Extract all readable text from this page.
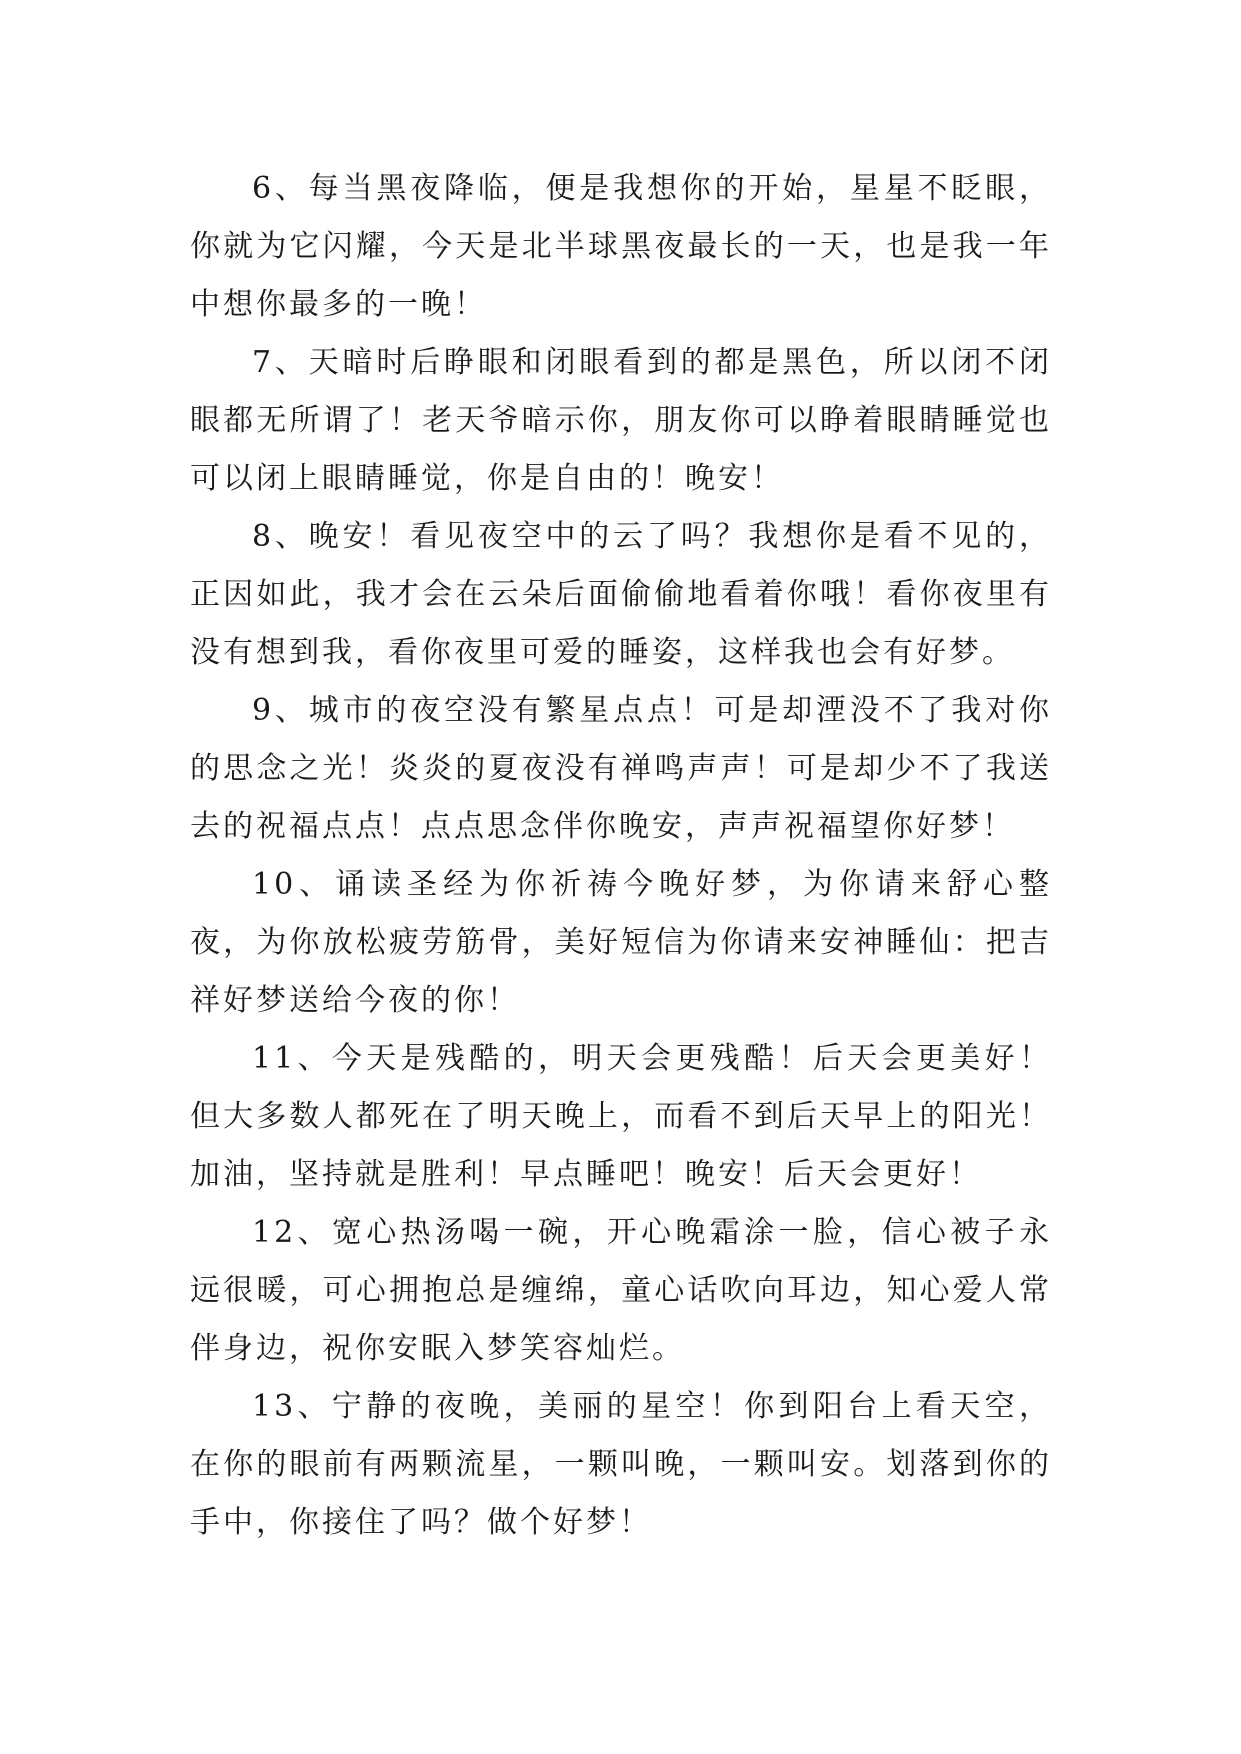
6、每当黑夜降临，便是我想你的开始，星星不眨眼，你就为它闪耀，今天是北半球黑夜最长的一天，也是我一年中想你最多的一晚！

7、天暗时后睁眼和闭眼看到的都是黑色，所以闭不闭眼都无所谓了！老天爷暗示你，朋友你可以睁着眼睛睡觉也可以闭上眼睛睡觉，你是自由的！晚安！

8、晚安！看见夜空中的云了吗？我想你是看不见的，正因如此，我才会在云朵后面偷偷地看着你哦！看你夜里有没有想到我，看你夜里可爱的睡姿，这样我也会有好梦。

9、城市的夜空没有繁星点点！可是却湮没不了我对你的思念之光！炎炎的夏夜没有禅鸣声声！可是却少不了我送去的祝福点点！点点思念伴你晚安，声声祝福望你好梦！

10、诵读圣经为你祈祷今晚好梦，为你请来舒心整夜，为你放松疲劳筋骨，美好短信为你请来安神睡仙：把吉祥好梦送给今夜的你！

11、今天是残酷的，明天会更残酷！后天会更美好！但大多数人都死在了明天晚上，而看不到后天早上的阳光！加油，坚持就是胜利！早点睡吧！晚安！后天会更好！

12、宽心热汤喝一碗，开心晚霜涂一脸，信心被子永远很暖，可心拥抱总是缠绵，童心话吹向耳边，知心爱人常伴身边，祝你安眠入梦笑容灿烂。

13、宁静的夜晚，美丽的星空！你到阳台上看天空，在你的眼前有两颗流星，一颗叫晚，一颗叫安。划落到你的手中，你接住了吗？做个好梦！
